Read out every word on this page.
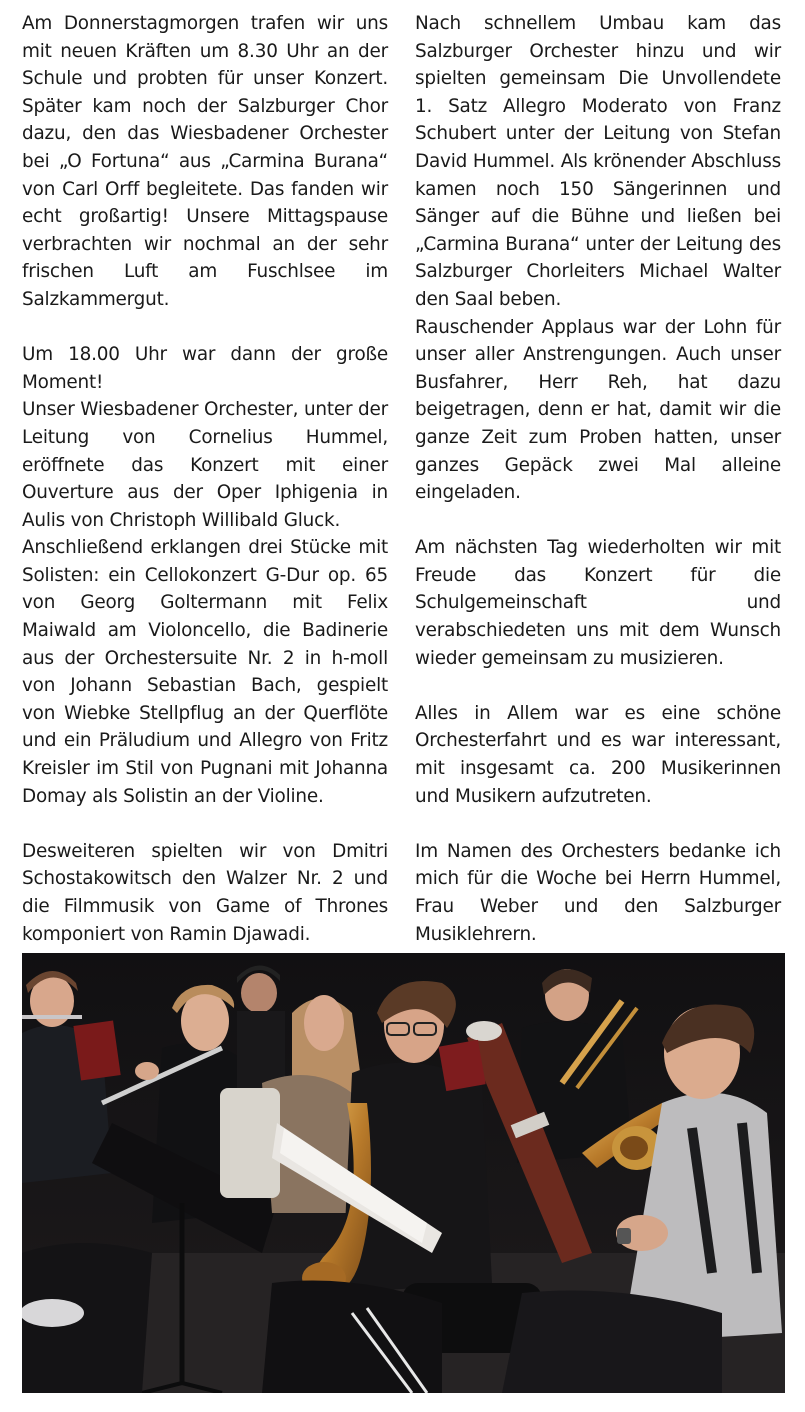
Am Donnerstagmorgen trafen wir uns mit neuen Kräften um 8.30 Uhr an der Schule und probten für unser Konzert. Später kam noch der Salzburger Chor dazu, den das Wiesbadener Orchester bei „O Fortuna“ aus „Carmina Burana“ von Carl Orff begleitete. Das fanden wir echt großartig! Unsere Mittagspause verbrachten wir nochmal an der sehr frischen Luft am Fuschlsee im Salzkammergut.

Um 18.00 Uhr war dann der große Moment!

Unser Wiesbadener Orchester, unter der Leitung von Cornelius Hummel, eröffnete das Konzert mit einer Ouverture aus der Oper Iphigenia in Aulis von Christoph Willibald Gluck.

Anschließend erklangen drei Stücke mit Solisten: ein Cellokonzert G-Dur op. 65 von Georg Goltermann mit Felix Maiwald am Violoncello, die Badinerie aus der Orchestersuite Nr. 2 in h-moll von Johann Sebastian Bach, gespielt von Wiebke Stellpflug an der Querflöte und ein Präludium und Allegro von Fritz Kreisler im Stil von Pugnani mit Johanna Domay als Solistin an der Violine.

Desweiteren spielten wir von Dmitri Schostakowitsch den Walzer Nr. 2 und die Filmmusik von Game of Thrones komponiert von Ramin Djawadi.

Nach schnellem Umbau kam das Salzburger Orchester hinzu und wir spielten gemeinsam Die Unvollendete 1. Satz Allegro Moderato von Franz Schubert unter der Leitung von Stefan David Hummel. Als krönender Abschluss kamen noch 150 Sängerinnen und Sänger auf die Bühne und ließen bei „Carmina Burana“ unter der Leitung des Salzburger Chorleiters Michael Walter den Saal beben.

Rauschender Applaus war der Lohn für unser aller Anstrengungen. Auch unser Busfahrer, Herr Reh, hat dazu beigetragen, denn er hat, damit wir die ganze Zeit zum Proben hatten, unser ganzes Gepäck zwei Mal alleine eingeladen.

Am nächsten Tag wiederholten wir mit Freude das Konzert für die Schulgemeinschaft und verabschiedeten uns mit dem Wunsch wieder gemeinsam zu musizieren.

Alles in Allem war es eine schöne Orchesterfahrt und es war interessant, mit insgesamt ca. 200 Musikerinnen und Musikern aufzutreten.

Im Namen des Orchesters bedanke ich mich für die Woche bei Herrn Hummel, Frau Weber und den Salzburger Musiklehrern.
